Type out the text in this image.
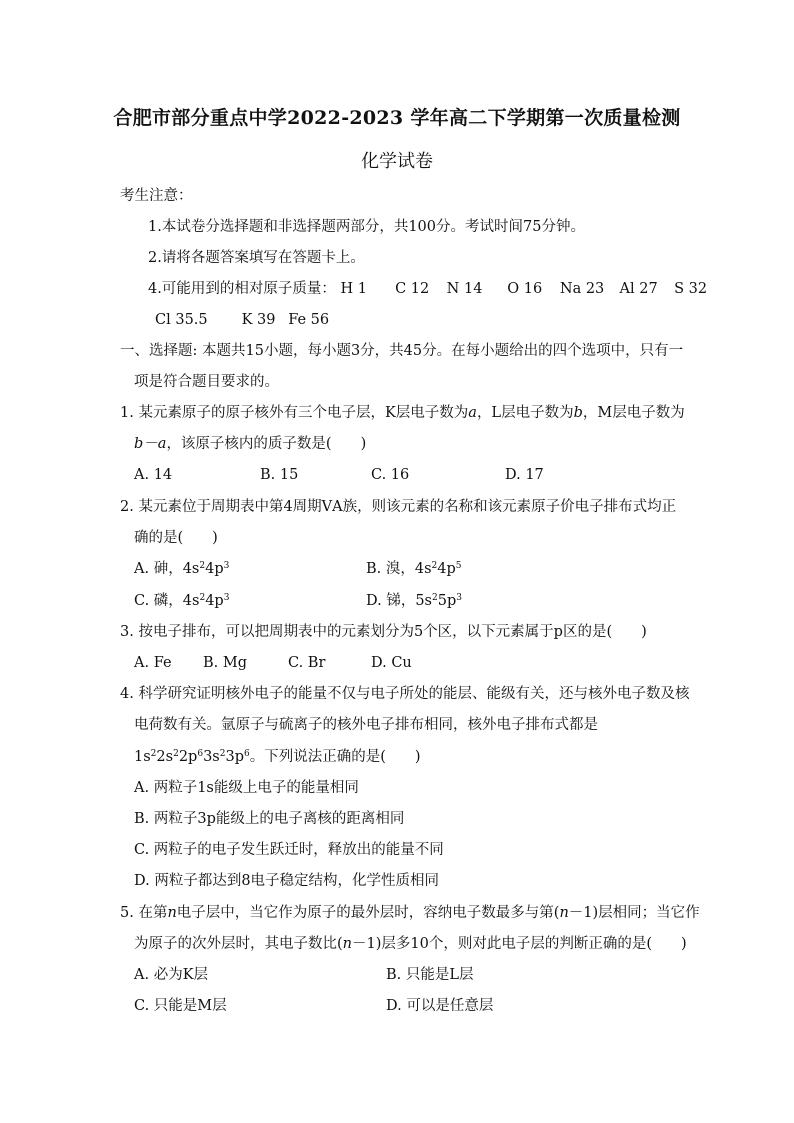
合肥市部分重点中学2022-2023 学年高二下学期第一次质量检测
化学试卷
考生注意：
1.本试卷分选择题和非选择题两部分，共100分。考试时间75分钟。
2.请将各题答案填写在答题卡上。
4.可能用到的相对原子质量： H 1 C 12 N 14 O 16 Na 23 Al 27 S 32
Cl 35.5 K 39 Fe 56
一、选择题: 本题共15小题，每小题3分，共45分。在每小题给出的四个选项中，只有一
项是符合题目要求的。
1. 某元素原子的原子核外有三个电子层，K层电子数为a，L层电子数为b，M层电子数为
b－a，该原子核内的质子数是(　　)
A. 14	B. 15	C. 16	D. 17
2. 某元素位于周期表中第4周期ⅤA族，则该元素的名称和该元素原子价电子排布式均正
确的是(　　)
A. 砷，$4s^24p^3$	B. 溴，$4s^24p^5$
C. 磷，$4s^24p^3$	D. 锑，$5s^25p^3$
3. 按电子排布，可以把周期表中的元素划分为5个区，以下元素属于p区的是(　　)
A. Fe B. Mg	C. Br	D. Cu
4. 科学研究证明核外电子的能量不仅与电子所处的能层、能级有关，还与核外电子数及核
电荷数有关。氩原子与硫离子的核外电子排布相同，核外电子排布式都是
$1s^22s^22p^63s^23p^6$。下列说法正确的是(　　)
A. 两粒子1s能级上电子的能量相同
B. 两粒子3p能级上的电子离核的距离相同
C. 两粒子的电子发生跃迁时，释放出的能量不同
D. 两粒子都达到8电子稳定结构，化学性质相同
5. 在第n电子层中，当它作为原子的最外层时，容纳电子数最多与第(n－1)层相同；当它作
为原子的次外层时，其电子数比(n－1)层多10个，则对此电子层的判断正确的是(　　)
A. 必为K层	B. 只能是L层
C. 只能是M层	D. 可以是任意层
